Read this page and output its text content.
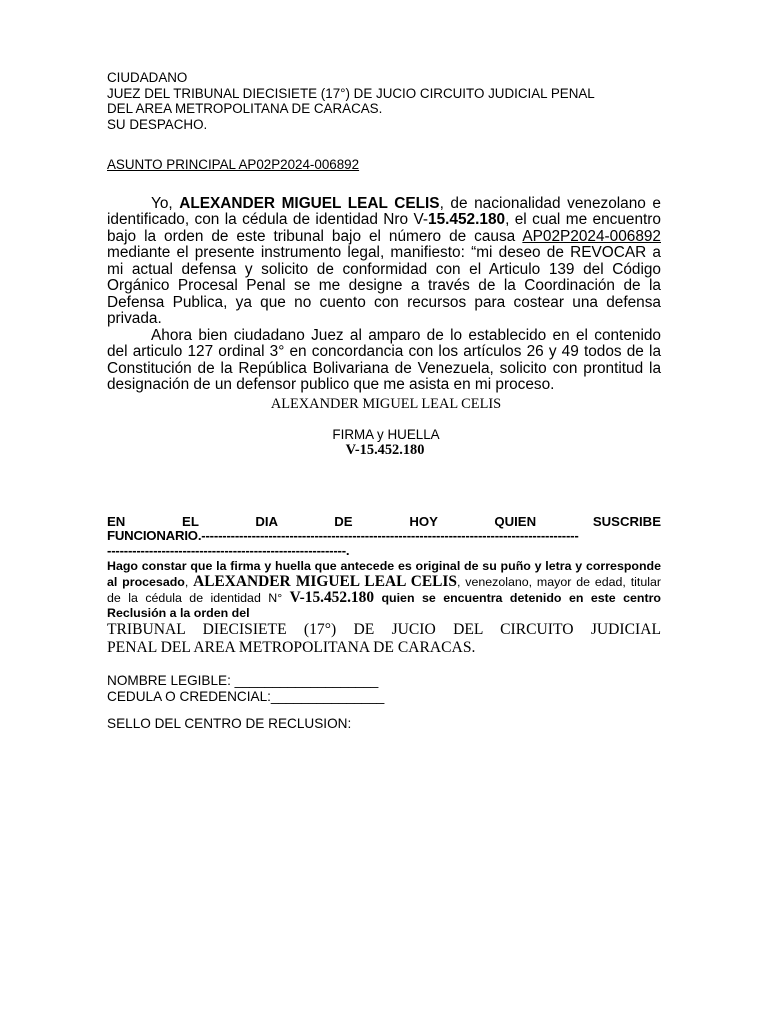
CIUDADANO
JUEZ DEL TRIBUNAL DIECISIETE (17°) DE JUCIO CIRCUITO JUDICIAL PENAL
DEL AREA METROPOLITANA DE CARACAS.
SU DESPACHO.
ASUNTO PRINCIPAL AP02P2024-006892

Yo, ALEXANDER MIGUEL LEAL CELIS, de nacionalidad venezolano e identificado, con la cédula de identidad Nro V-15.452.180, el cual me encuentro bajo la orden de este tribunal bajo el número de causa AP02P2024-006892 mediante el presente instrumento legal, manifiesto: “mi deseo de REVOCAR a mi actual defensa y solicito de conformidad con el Articulo 139 del Código Orgánico Procesal Penal se me designe a través de la Coordinación de la Defensa Publica, ya que no cuento con recursos para costear una defensa privada.

Ahora bien ciudadano Juez al amparo de lo establecido en el contenido del articulo 127 ordinal 3° en concordancia con los artículos 26 y 49 todos de la Constitución de la República Bolivariana de Venezuela, solicito con prontitud la designación de un defensor publico que me asista en mi proceso.

ALEXANDER MIGUEL LEAL CELIS
FIRMA y HUELLA
V-15.452.180
EN EL DIA DE HOY QUIEN SUSCRIBE
FUNCIONARIO.------------------------------------------------------------------------------------------
---------------------------------------------------------.
Hago constar que la firma y huella que antecede es original de su puño y letra y corresponde al procesado, ALEXANDER MIGUEL LEAL CELIS, venezolano, mayor de edad, titular de la cédula de identidad N° V-15.452.180 quien se encuentra detenido en este centro Reclusión a la orden del
TRIBUNAL DIECISIETE (17°) DE JUCIO DEL CIRCUITO JUDICIAL
PENAL DEL AREA METROPOLITANA DE CARACAS.
NOMBRE LEGIBLE: ___________________
CEDULA O CREDENCIAL:_______________
SELLO DEL CENTRO DE RECLUSION:
